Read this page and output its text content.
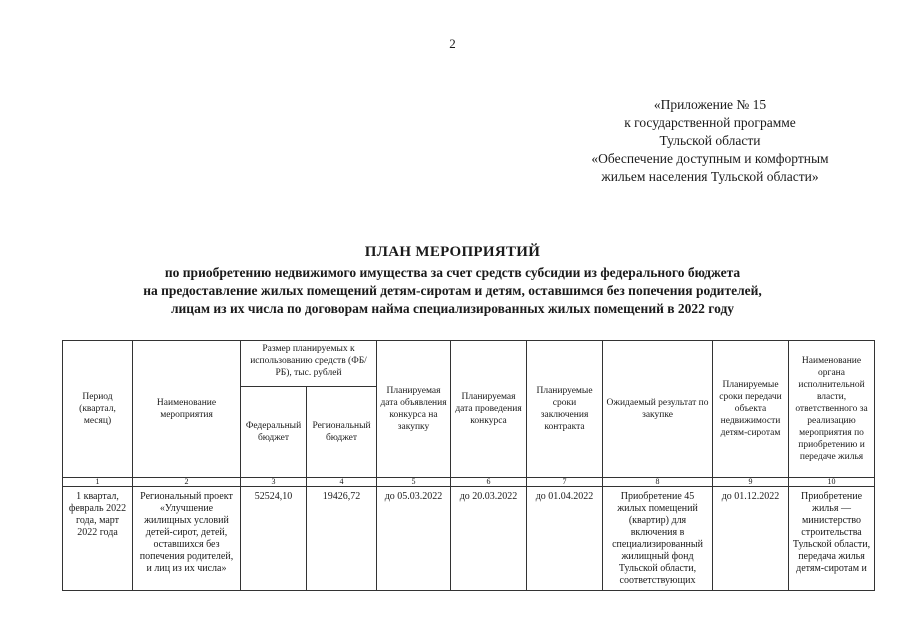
2
«Приложение № 15
к государственной программе
Тульской области
«Обеспечение доступным и комфортным
жильем населения Тульской области»
ПЛАН МЕРОПРИЯТИЙ
по приобретению недвижимого имущества за счет средств субсидии из федерального бюджета
на предоставление жилых помещений детям-сиротам и детям, оставшимся без попечения родителей,
лицам из их числа по договорам найма специализированных жилых помещений в 2022 году
Период (квартал, месяц)	Наименование мероприятия	Размер планируемых к использованию средств (ФБ/РБ), тыс. рублей		Планируемая дата объявления конкурса на закупку	Планируемая дата проведения конкурса	Планируемые сроки заключения контракта	Ожидаемый результат по закупке	Планируемые сроки передачи объекта недвижимости детям-сиротам	Наименование органа исполнительной власти, ответственного за реализацию мероприятия по приобретению и передаче жилья
		Федеральный бюджет	Региональный бюджет						
1	2	3	4	5	6	7	8	9	10
1 квартал, февраль 2022 года, март 2022 года	Региональный проект «Улучшение жилищных условий детей-сирот, детей, оставшихся без попечения родителей, и лиц из их числа»	52524,10	19426,72	до 05.03.2022	до 20.03.2022	до 01.04.2022	Приобретение 45 жилых помещений (квартир) для включения в специализированный жилищный фонд Тульской области, соответствующих	до 01.12.2022	Приобретение жилья — министерство строительства Тульской области, передача жилья детям-сиротам и
